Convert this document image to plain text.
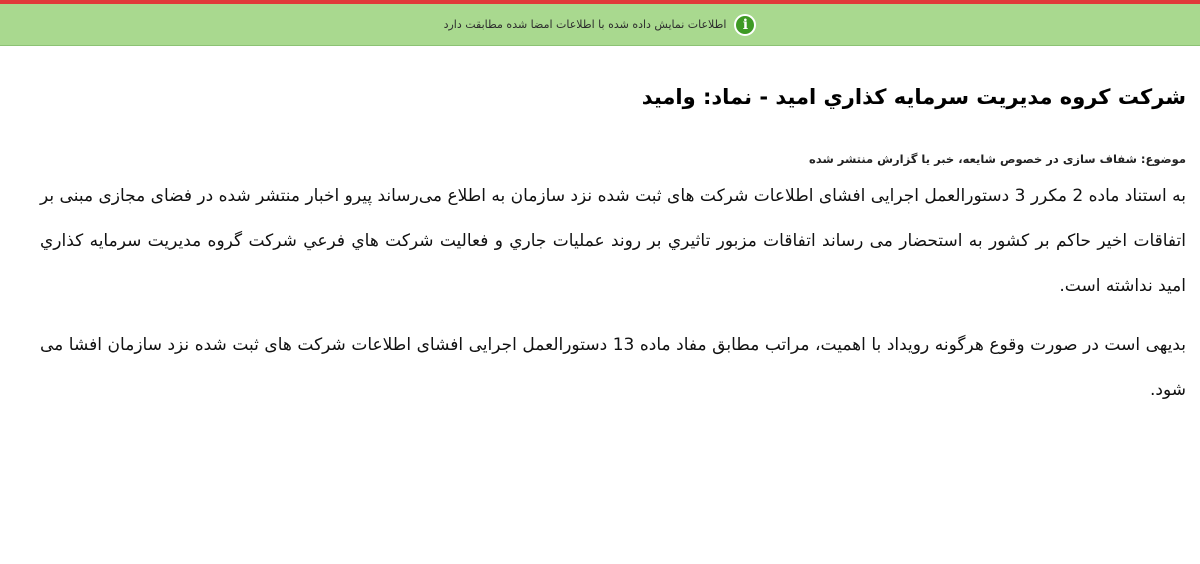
i
اطلاعات نمایش داده شده با اطلاعات امضا شده مطابقت دارد
شرکت کروه مديريت سرمايه کذاري اميد - نماد: واميد

موضوع: شفاف سازی در خصوص شایعه، خبر یا گزارش منتشر شده

به استناد ماده 2 مکرر 3 دستورالعمل اجرایی افشای اطلاعات شرکت های ثبت شده نزد سازمان به اطلاع می‌رساند پیرو اخبار منتشر شده در فضای مجازی مبنی بر اتفاقات اخیر حاکم بر کشور به استحضار می رساند اتفاقات مزبور تاثيري بر روند عمليات جاري و فعاليت شرکت هاي فرعي شرکت گروه مديريت سرمايه کذاري اميد نداشته است.

بدیهی است در صورت وقوع هرگونه رویداد با اهمیت، مراتب مطابق مفاد ماده 13 دستورالعمل اجرایی افشای اطلاعات شرکت های ثبت شده نزد سازمان افشا می شود.
